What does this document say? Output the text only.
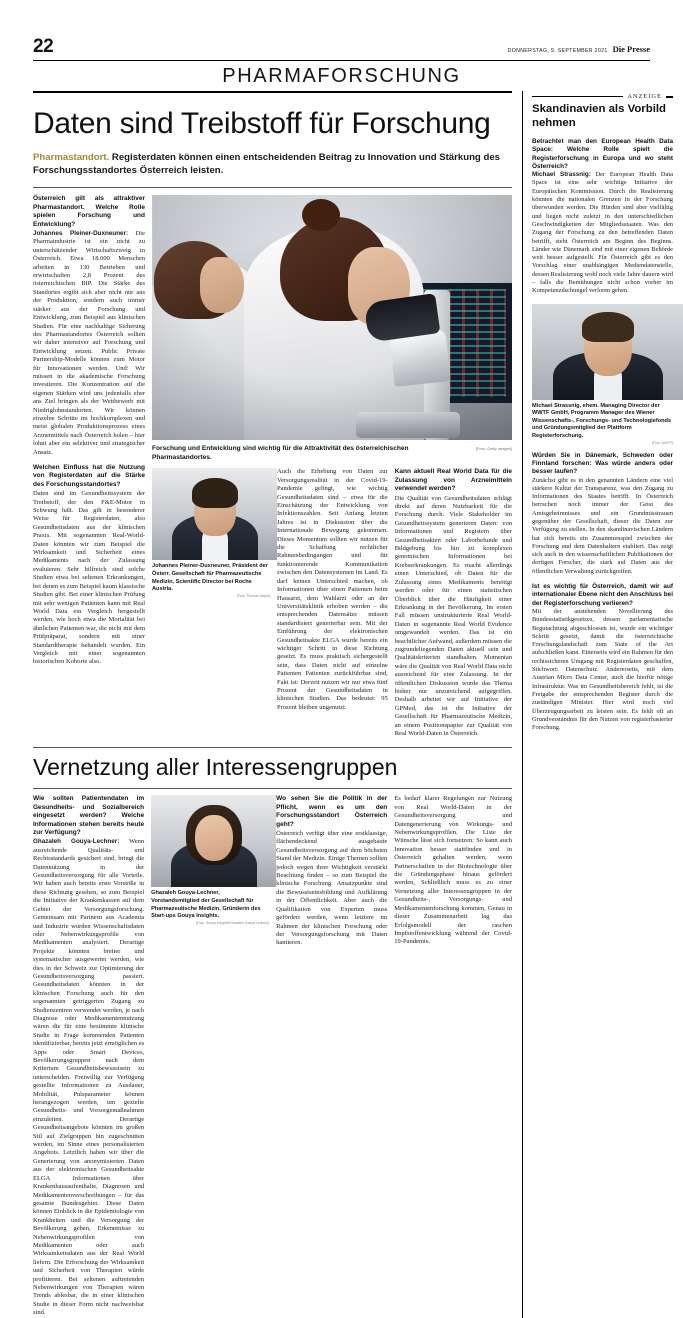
22	DONNERSTAG, 9. SEPTEMBER 2021 Die Presse
PHARMAFORSCHUNG
Daten sind Treibstoff für Forschung
Pharmastandort. Registerdaten können einen entscheidenden Beitrag zu Innovation und Stärkung des Forschungsstandortes Österreich leisten.

Österreich gilt als attraktiver Pharmastandort. Welche Rolle spielen Forschung und Entwicklung?

Johannes Pleiner-Duxneuner: Die Pharmaindustrie ist ein nicht zu unterschätzender Wirtschaftszweig in Österreich. Etwa 18.000 Menschen arbeiten in 130 Betrieben und erwirtschaften 2,8 Prozent des österreichischen BIP. Die Stärke des Standortes ergibt sich aber nicht nur aus der Produktion, sondern auch immer stärker aus der Forschung und Entwicklung, zum Beispiel aus klinischen Studien. Für eine nachhaltige Sicherung des Pharmastandortes Österreich sollten wir daher intensiver auf Forschung und Entwicklung setzen. Public Private Partnership-Modelle können zum Motor für Innovationen werden. Und: Wir müssen in die akademische Forschung investieren. Die Konzentration auf die eigenen Stärken wird uns jedenfalls eher ans Ziel bringen als der Wettbewerb mit Niedriglohnstandorten. Wir können einzelne Schritte im hochkomplexen und meist globalen Produktionsprozess eines Arzneimittels nach Österreich holen – hier lohnt aber ein selektiver und strategischer Ansatz.

Welchen Einfluss hat die Nutzung von Registerdaten auf die Stärke des Forschungsstandortes?

Daten sind im Gesundheitssystem der Treibstoff, der den F&E-Motor in Schwung hält. Das gilt in besonderer Weise für Registerdaten, also Gesundheitsdaten aus der klinischen Praxis. Mit sogenannten Real-World-Daten könnten wir zum Beispiel die Wirksamkeit und Sicherheit eines Medikaments nach der Zulassung evaluieren. Sehr hilfreich sind solche Studien etwa bei seltenen Erkrankungen, bei denen es zum Beispiel kaum klassische Studien gibt. Bei einer klinischen Prüfung mit sehr wenigen Patienten kann mit Real World Data ein Vergleich hergestellt werden, wie hoch etwa die Mortalität bei ähnlichen Patienten war, die nicht mit dem Prüfpräparat, sondern mit einer Standardtherapie behandelt wurden. Ein Vergleich mit einer sogenannten historischen Kohorte also.

Forschung und Entwicklung sind wichtig für die Attraktivität des österreichischen Pharmastandortes.
[Foto: Getty Images]
Johannes Pleiner-Duxneuner, Präsident der Österr. Gesellschaft für Pharmazeutische Medizin, Scientific Director bei Roche Austria.
[Foto: Thomas Mayer]

Auch die Erhebung von Daten zur Versorgungsrealität in der Covid-19-Pandemie gelingt, wie wichtig Gesundheitsdaten sind – etwa für die Einschätzung der Entwicklung von Infektionszahlen. Seit Anfang letzten Jahres ist in Diskussion über die Internationale Bewegung gekommen. Dieses Momentum sollten wir nutzen für die Schaffung rechtlicher Rahmenbedingungen und für funktionierende Kommunikation zwischen den Datensystemen im Land. Es darf keinen Unterschied machen, ob Informationen über einen Patienten beim Hausarzt, dem Wahlarzt oder an der Universitätsklinik erhoben werden – die entsprechenden Datensätze müssen standardisiert generierbar sein. Mit der Einführung der elektronischen Gesundheitsakte ELGA wurde bereits ein wichtiger Schritt in diese Richtung gesetzt. Es muss praktisch sichergestellt sein, dass Daten nicht auf einzelne Patienten Patienten zurückführbar sind, Fakt ist: Derzeit nutzen wir nur etwa fünf Prozent der Gesundheitsdaten in klinischen Studien. Das bedeutet: 95 Prozent bleiben ungenutzt.

Kann aktuell Real World Data für die Zulassung von Arzneimitteln verwendet werden?

Die Qualität von Gesundheitsdaten schlägt direkt auf deren Nutzbarkeit für die Forschung durch. Viele Stakeholder im Gesundheitssystem generieren Daten: von Informationen und Registern über Gesundheitsakten oder Laborbefunde und Bildgebung bis hin zu komplexen genomischen Informationen bei Krebserkrankungen. Es macht allerdings einen Unterschied, ob Daten für die Zulassung eines Medikaments benötigt werden oder für einen statistischen Überblick über die Häufigkeit einer Erkrankung in der Bevölkerung. Im ersten Fall müssen unstrukturierte Real World-Daten in sogenannte Real World Evidence umgewandelt werden. Das ist ein beachtlicher Aufwand, außerdem müssen die zugrundeliegenden Daten aktuell sein und Qualitätskriterien standhalten. Momentan wäre die Qualität von Real World Data nicht ausreichend für eine Zulassung. In der öffentlichen Diskussion wurde das Thema bisher nur unzureichend aufgegriffen. Deshalb arbeitet wir auf Initiative der GPMed, das ist die Initiative der Gesellschaft für Pharmazeutische Medizin, an einem Positionspapier zur Qualität von Real World-Daten in Österreich.

Vernetzung aller Interessengruppen

Wie sollten Patientendaten im Gesundheits- und Sozialbereich eingesetzt werden? Welche Informationen stehen bereits heute zur Verfügung?

Ghazaleh Gouya-Lechner: Wenn ausreichende Qualitäts- und Rechtsstandards gesichert sind, bringt die Datennutzung in der Gesundheitsversorgung für alle Vorteile. Wir haben auch bereits erste Vorstöße in diese Richtung gesehen, so zum Beispiel die Initiative der Krankenkassen auf dem Gebiet der Versorgungsforschung. Gemeinsam mit Partnern aus Academia und Industrie wurden Wissenschaftsdaten oder Nebenwirkungsprofile von Medikamenten analysiert. Derartige Projekte könnten breiter und systematischer ausgewertet werden, wie dies in der Schweiz zur Optimierung der Gesundheitsversorgung passiert. Gesundheitsdaten könnten in der klinischen Forschung auch für den sogenannten getriggerten Zugang zu Studienzentren verwendet werden, je nach Diagnose oder Medikamentennutzung wären die für eine bestimmte klinische Studie in Frage kommenden Patienten identifizierbar, bereits jetzt ermöglichen es Apps oder Smart Devices, Bevölkerungsgruppen nach dem Kriterium Gesundheitsbewusstsein zu unterscheiden. Freiwillig zur Verfügung gestellte Informationen zu Ausdauer, Mobilität, Pulsparameter können herangezogen werden, um gezielte Gesundheits- und Vorsorgemaßnahmen einzuleiten. Derartige Gesundheitsangebote könnten im großen Stil auf Zielgruppen hin zugeschnitten werden, im Sinne eines personalisierten Angebots. Letztlich haben wir über die Generierung von anonymisierten Daten aus der elektronischen Gesundheitsakte ELGA Informationen über Krankenhausaufenthalte, Diagnosen und Medikamentenverschreibungen – für das gesamte Bundesgebiet. Diese Daten können Einblick in die Epidemiologie von Krankheiten und die Versorgung der Bevölkerung geben, Erkenntnisse zu Nebenwirkungsprofilen von Medikamenten oder auch Wirksamkeitsdaten aus der Real World liefern. Die Erforschung der Wirksamkeit und Sicherheit von Therapien würde profitieren. Bei seltenen auftretenden Nebenwirkungen von Therapien wären Trends ablesbar, die in einer klinischen Studie in dieser Form nicht nachweisbar sind.

Ghazaleh Gouya-Lechner, Vorstandsmitglied der Gesellschaft für Pharmazeutische Medizin, Gründerin des Start-ups Gouya Insights.
[Foto: Gouya Insights/Ghazaleh Gouya-Lechner]

Wo sehen Sie die Politik in der Pflicht, wenn es um den Forschungsstandort Österreich geht?

Österreich verfügt über eine erstklassige, flächendeckend ausgebaute Gesundheitsversorgung auf dem höchsten Stand der Medizin. Einige Themen sollten jedoch wegen ihrer Wichtigkeit verstärkt Beachtung finden – so zum Beispiel die klinische Forschung. Ansatzpunkte sind die Bewusstseinsbildung und Aufklärung in der Öffentlichkeit. Aber auch die Qualifikation von Experten muss gefördert werden, wenn letztere im Rahmen der klinischen Forschung oder der Versorgungsforschung mit Daten hantieren.

Es bedarf klarer Regelungen zur Nutzung von Real World-Daten in der Gesundheitsversorgung und Datengenerierung von Wirkungs- und Nebenwirkungsprofilen. Die Liste der Wünsche lässt sich fortsetzen: So kann auch Innovation besser stattfinden und in Österreich gehalten werden, wenn Partnerschaften in der Biotechnologie über die Gründungsphase hinaus gefördert werden, Schließlich muss es zu einer Vernetzung aller Interessengruppen in der Gesundheits-, Versorgungs- und Medikamentenforschung kommen, Genau in dieser Zusammenarbeit lag das Erfolgsmodell der raschen Impfstoffentwicklung während der Covid-19-Pandemie.

ANZEIGE
Skandinavien als Vorbild nehmen

Betrachtet man den European Health Data Space: Welche Rolle spielt die Registerforschung in Europa und wo steht Österreich?

Michael Strassnig: Der European Health Data Space ist eine sehr wichtige Initiative der Europäischen Kommission. Durch die Realisierung könnten die nationalen Grenzen in der Forschung überwunden werden. Die Hürden sind aber vielfältig und liegen nicht zuletzt in den unterschiedlichen Geschwindigkeiten der Mitgliedsstaaten. Was den Zugang der Forschung zu den betreffenden Daten betrifft, steht Österreich am Beginn des Beginns. Länder wie Dänemark sind mit einer eigenen Behörde weit besser aufgestellt. Für Österreich gibt es den Vorschlag einer unabhängigen Mediendatenstelle, dessen Realisierung wohl noch viele Jahre dauern wird – falls die Bemühungen nicht schon vorher im Kompetenzdschungel verloren gehen.

Michael Strassnig, ehem. Managing Director der WWTF GmbH, Programm Manager des Wiener Wissenschafts-, Forschungs- und Technologiefonds und Gründungsmitglied der Plattform Registerforschung.
[Foto: WWTF]

Würden Sie in Dänemark, Schweden oder Finnland forschen: Was würde anders oder besser laufen?

Zunächst gibt es in den genannten Ländern eine viel stärkere Kultur der Transparenz, was den Zugang zu Informationen des Staates betrifft. In Österreich herrschen noch immer der Geist des Amtsgeheimnisses und ein Grundmisstrauen gegenüber der Gesellschaft, dieser die Daten zur Verfügung zu stellen. In den skandinavischen Ländern hat sich bereits ein Zusammenspiel zwischen der Forschung und dem Datenhaltern etabliert. Das zeigt sich auch in den wissenschaftlichen Publikationen der dortigen Forscher, die stark auf Daten aus der öffentlichen Verwaltung zurückgreifen.

Ist es wichtig für Österreich, damit wir auf internationaler Ebene nicht den Anschluss bei der Registerforschung verlieren?

Mit der anstehenden Novellierung des Bundesstatistikgesetzes, dessen parlamentarische Begutachtung abgeschlossen ist, wurde ein wichtiger Schritt gesetzt, damit die österreichische Forschungslandschaft zum State of the Art aufschließen kann. Einerseits wird ein Rahmen für den rechtssicheren Umgang mit Registerdaten geschaffen, Stichwort: Datenschutz. Andererseits, mit dem Austrian Micro Data Center, auch die hierfür nötige Infrastruktur. Was im Gesundheitsbereich fehlt, ist die Freigabe der entsprechenden Register durch die zuständigen Minister. Hier wird noch viel Überzeugungsarbeit zu leisten sein. Es fehlt oft an Grundverständnis für den Nutzen von registerbasierter Forschung.
